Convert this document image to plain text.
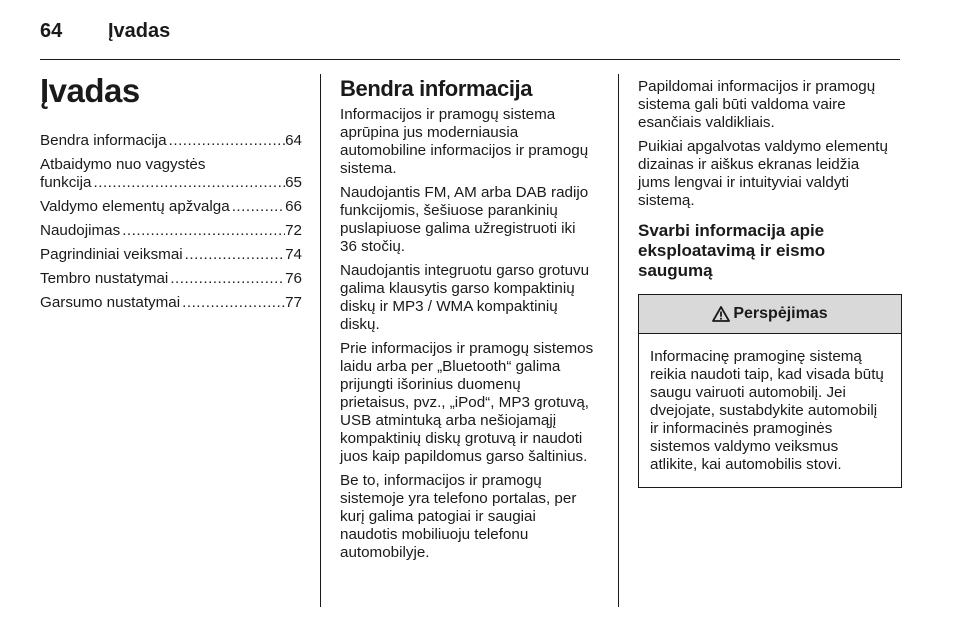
64 Įvadas
Įvadas
Bendra informacija .....	64
Atbaidymo nuo vagystės
funkcija .....	65
Valdymo elementų apžvalga .....	66
Naudojimas .....	72
Pagrindiniai veiksmai .....	74
Tembro nustatymai .....	76
Garsumo nustatymai .....	77
Bendra informacija

Informacijos ir pramogų sistema
aprūpina jus moderniausia
automobiline informacijos ir pramogų
sistema.

Naudojantis FM, AM arba DAB radijo
funkcijomis, šešiuose parankinių
puslapiuose galima užregistruoti iki
36 stočių.

Naudojantis integruotu garso grotuvu
galima klausytis garso kompaktinių
diskų ir MP3 / WMA kompaktinių
diskų.

Prie informacijos ir pramogų sistemos
laidu arba per „Bluetooth“ galima
prijungti išorinius duomenų
prietaisus, pvz., „iPod“, MP3 grotuvą,
USB atmintuką arba nešiojamąjį
kompaktinių diskų grotuvą ir naudoti
juos kaip papildomus garso šaltinius.

Be to, informacijos ir pramogų
sistemoje yra telefono portalas, per
kurį galima patogiai ir saugiai
naudotis mobiliuoju telefonu
automobilyje.

Papildomai informacijos ir pramogų
sistema gali būti valdoma vaire
esančiais valdikliais.

Puikiai apgalvotas valdymo elementų
dizainas ir aiškus ekranas leidžia
jums lengvai ir intuityviai valdyti
sistemą.

Svarbi informacija apie
eksploatavimą ir eismo
saugumą
Perspėjimas
Informacinę pramoginę sistemą
reikia naudoti taip, kad visada būtų
saugu vairuoti automobilį. Jei
dvejojate, sustabdykite automobilį
ir informacinės pramoginės
sistemos valdymo veiksmus
atlikite, kai automobilis stovi.
